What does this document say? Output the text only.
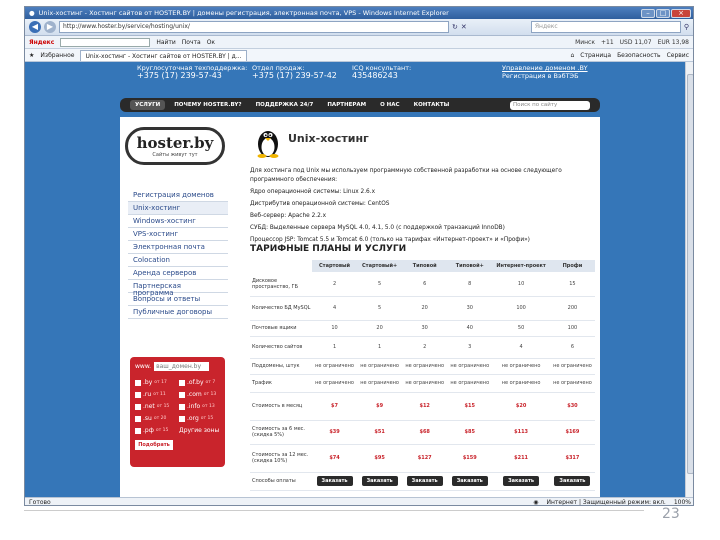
● Unix-хостинг - Хостинг сайтов от HOSTER.BY | домены регистрация, электронная почта, VPS - Windows Internet Explorer	–	□	×
◀	▶	http://www.hoster.by/service/hosting/unix/	↻ ✕	Яндекс	⚲
Яндекс	Найти Почта Ок	Минск +11 USD 11,07 EUR 13,98
★ Избранное	Unix-хостинг - Хостинг сайтов от HOSTER.BY | д...	⌂ Страница Безопасность Сервис
Круглосуточная техподдержка:
+375 (17) 239-57-43
Отдел продаж:
+375 (17) 239-57-42
ICQ консультант:
435486243
Управление доменом .BY
Регистрация в ВэбТЭБ
УСЛУГИ	ПОЧЕМУ HOSTER.BY?	ПОДДЕРЖКА 24/7	ПАРТНЕРАМ	О НАС	КОНТАКТЫ	Поиск по сайту
hoster.by
Сайты живут тут
Регистрация доменов
Unix-хостинг
Windows-хостинг
VPS-хостинг
Электронная почта
Colocation
Аренда серверов
Партнерская программа
Вопросы и ответы
Публичные договоры
www. ваш_домен.by
.by от 17	.of.by от 7
.ru от 11	.com от 13
.net от 15	.info от 13
.su от 20	.org от 15
.рф от 15 Другие зоны
Подобрать
Unix-хостинг
Для хостинга под Unix мы используем программную собственной разработки на основе следующего программного обеспечения:
Ядро операционной системы: Linux 2.6.x
Дистрибутив операционной системы: CentOS
Веб-сервер: Apache 2.2.x
СУБД: Выделенные сервера MySQL 4.0, 4.1, 5.0 (с поддержкой транзакций InnoDB)
Процессор JSP: Tomcat 5.5 и Tomcat 6.0 (только на тарифах «Интернет-проект» и «Профи»)
ТАРИФНЫЕ ПЛАНЫ И УСЛУГИ
	Стартовый	Стартовый+	Типовой	Типовой+	Интернет-проект	Профи
Дисковое пространство, ГБ	2	5	6	8	10	15
Количество БД MySQL	4	5	20	30	100	200
Почтовые ящики	10	20	30	40	50	100
Количество сайтов	1	1	2	3	4	6
Поддомены, штук	не ограничено	не ограничено	не ограничено	не ограничено	не ограничено	не ограничено
Трафик	не ограничено	не ограничено	не ограничено	не ограничено	не ограничено	не ограничено
Стоимость в месяц	$7	$9	$12	$15	$20	$30
Стоимость за 6 мес. (скидка 5%)	$39	$51	$68	$85	$113	$169
Стоимость за 12 мес. (скидка 10%)	$74	$95	$127	$159	$211	$317
Способы оплаты	Заказать	Заказать	Заказать	Заказать	Заказать	Заказать
Готово	◉ Интернет | Защищенный режим: вкл. 100%
23
